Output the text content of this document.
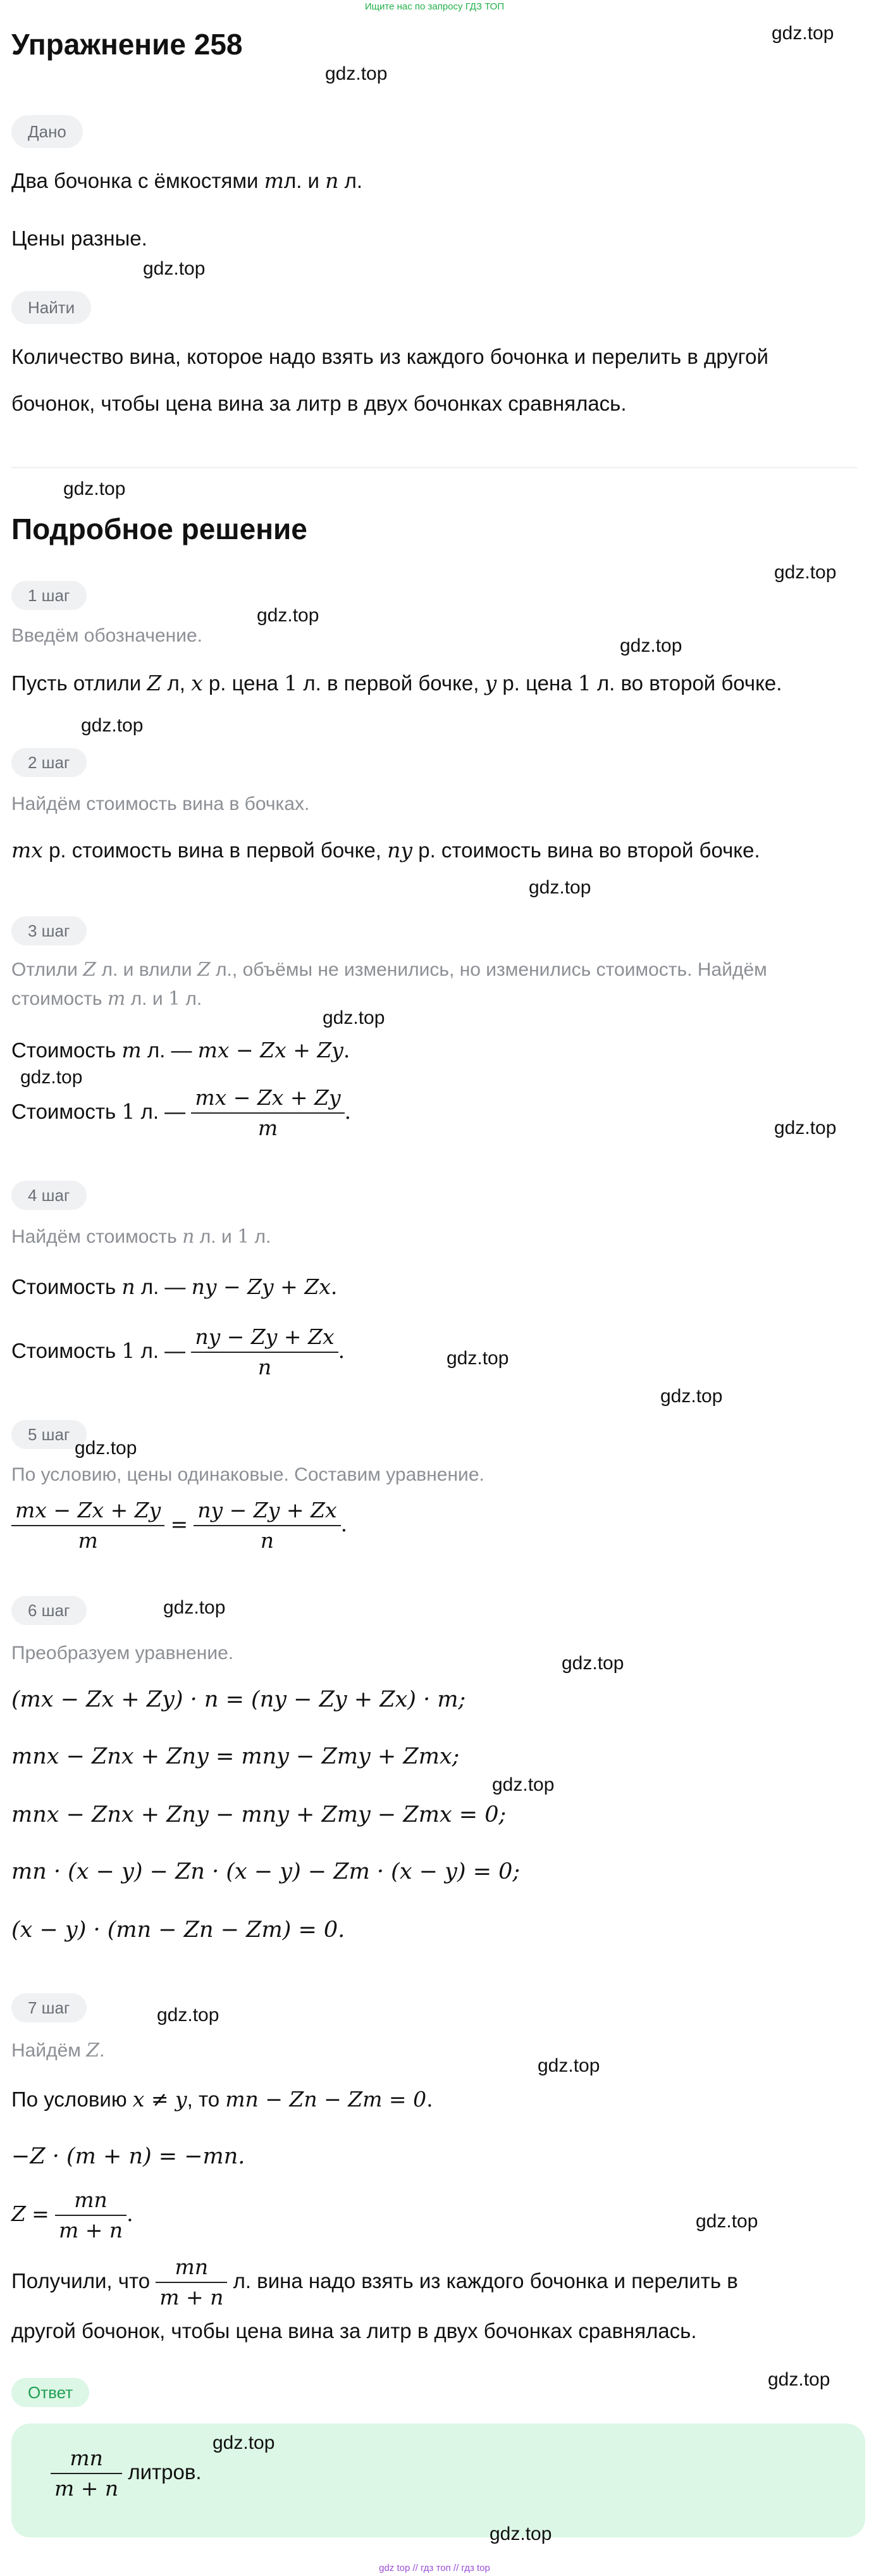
Ищите нас по запросу ГДЗ ТОП
Упражнение 258
Дано
Два бочонка с ёмкостями mл. и n л.
Цены разные.
Найти
Количество вина, которое надо взять из каждого бочонка и перелить в другой
бочонок, чтобы цена вина за литр в двух бочонках сравнялась.
Подробное решение
1 шаг
Введём обозначение.
Пусть отлили Z л, x р. цена 1 л. в первой бочке, y р. цена 1 л. во второй бочке.
2 шаг
Найдём стоимость вина в бочках.
mx р. стоимость вина в первой бочке, ny р. стоимость вина во второй бочке.
3 шаг
Отлили Z л. и влили Z л., объёмы не изменились, но изменились стоимость. Найдём
стоимость m л. и 1 л.
Стоимость m л. — mx − Zx + Zy.
Стоимость 1 л. — $\frac{mx - Zx + Zy}{m}$ .
4 шаг
Найдём стоимость n л. и 1 л.
Стоимость n л. — ny − Zy + Zx.
Стоимость 1 л. — $\frac{ny - Zy + Zx}{n}$ .
5 шаг
По условию, цены одинаковые. Составим уравнение.
$\frac{mx - Zx + Zy}{m} = \frac{ny - Zy + Zx}{n}$ .
6 шаг
Преобразуем уравнение.
(mx − Zx + Zy) · n = (ny − Zy + Zx) · m;
mnx − Znx + Zny = mny − Zmy + Zmx;
mnx − Znx + Zny − mny + Zmy − Zmx = 0;
mn · (x − y) − Zn · (x − y) − Zm · (x − y) = 0;
(x − y) · (mn − Zn − Zm) = 0.
7 шаг
Найдём Z.
По условию x ≠ y, то mn − Zn − Zm = 0.
−Z · (m + n) = −mn.
$Z = \frac{mn}{m + n}$ .
Получили, что $\frac{mn}{m + n} л$. вина надо взять из каждого бочонка и перелить в
другой бочонок, чтобы цена вина за литр в двух бочонках сравнялась.
Ответ
$\frac{mn}{m + n}$ литров.
gdz.top
gdz.top
gdz.top
gdz.top
gdz.top
gdz.top
gdz.top
gdz.top
gdz.top
gdz.top
gdz.top
gdz.top
gdz.top
gdz.top
gdz.top
gdz.top
gdz.top
gdz.top
gdz.top
gdz.top
gdz.top
gdz.top
gdz.top
gdz.top
gdz top // гдз топ // гдз top
